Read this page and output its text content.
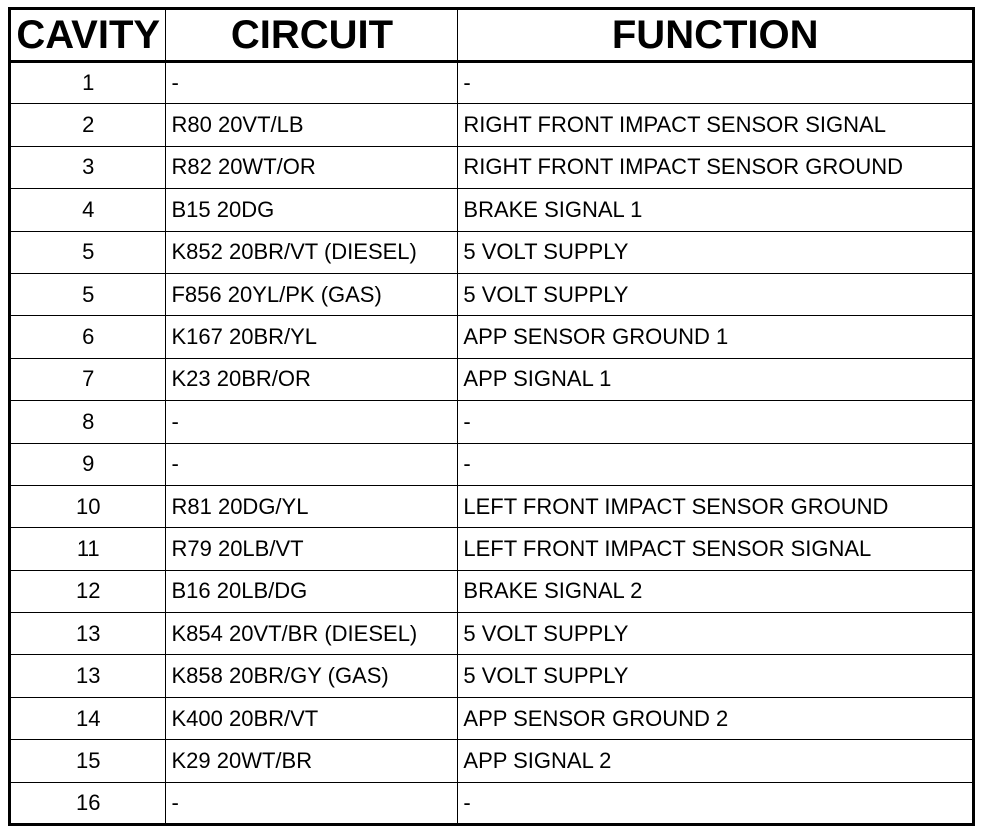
CAVITY	CIRCUIT	FUNCTION
1	-	-
2	R80 20VT/LB	RIGHT FRONT IMPACT SENSOR SIGNAL
3	R82 20WT/OR	RIGHT FRONT IMPACT SENSOR GROUND
4	B15 20DG	BRAKE SIGNAL 1
5	K852 20BR/VT (DIESEL)	5 VOLT SUPPLY
5	F856 20YL/PK (GAS)	5 VOLT SUPPLY
6	K167 20BR/YL	APP SENSOR GROUND 1
7	K23 20BR/OR	APP SIGNAL 1
8	-	-
9	-	-
10	R81 20DG/YL	LEFT FRONT IMPACT SENSOR GROUND
11	R79 20LB/VT	LEFT FRONT IMPACT SENSOR SIGNAL
12	B16 20LB/DG	BRAKE SIGNAL 2
13	K854 20VT/BR (DIESEL)	5 VOLT SUPPLY
13	K858 20BR/GY (GAS)	5 VOLT SUPPLY
14	K400 20BR/VT	APP SENSOR GROUND 2
15	K29 20WT/BR	APP SIGNAL 2
16	-	-
